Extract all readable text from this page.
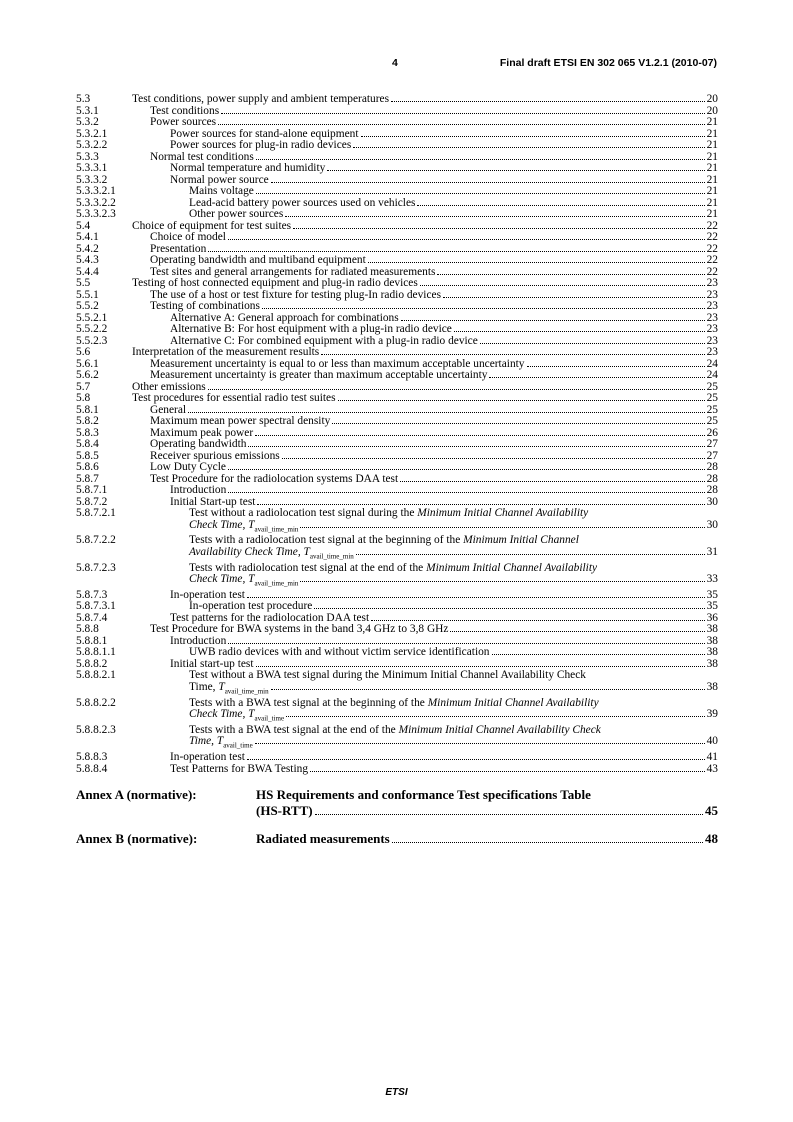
4	Final draft ETSI EN 302 065 V1.2.1 (2010-07)
5.3	Test conditions, power supply and ambient temperatures	20
5.3.1	Test conditions	20
5.3.2	Power sources	21
5.3.2.1	Power sources for stand-alone equipment	21
5.3.2.2	Power sources for plug-in radio devices	21
5.3.3	Normal test conditions	21
5.3.3.1	Normal temperature and humidity	21
5.3.3.2	Normal power source	21
5.3.3.2.1	Mains voltage	21
5.3.3.2.2	Lead-acid battery power sources used on vehicles	21
5.3.3.2.3	Other power sources	21
5.4	Choice of equipment for test suites	22
5.4.1	Choice of model	22
5.4.2	Presentation	22
5.4.3	Operating bandwidth and multiband equipment	22
5.4.4	Test sites and general arrangements for radiated measurements	22
5.5	Testing of host connected equipment and plug-in radio devices	23
5.5.1	The use of a host or test fixture for testing plug-In radio devices	23
5.5.2	Testing of combinations	23
5.5.2.1	Alternative A: General approach for combinations	23
5.5.2.2	Alternative B: For host equipment with a plug-in radio device	23
5.5.2.3	Alternative C: For combined equipment with a plug-in radio device	23
5.6	Interpretation of the measurement results	23
5.6.1	Measurement uncertainty is equal to or less than maximum acceptable uncertainty	24
5.6.2	Measurement uncertainty is greater than maximum acceptable uncertainty	24
5.7	Other emissions	25
5.8	Test procedures for essential radio test suites	25
5.8.1	General	25
5.8.2	Maximum mean power spectral density	25
5.8.3	Maximum peak power	26
5.8.4	Operating bandwidth	27
5.8.5	Receiver spurious emissions	27
5.8.6	Low Duty Cycle	28
5.8.7	Test Procedure for the radiolocation systems DAA test	28
5.8.7.1	Introduction	28
5.8.7.2	Initial Start-up test	30
5.8.7.2.1	Test without a radiolocation test signal during the Minimum Initial Channel Availability
Check Time, $T_{avail\_time\_min}$	30
5.8.7.2.2	Tests with a radiolocation test signal at the beginning of the Minimum Initial Channel
Availability Check Time, $T_{avail\_time\_min}$	31
5.8.7.2.3	Tests with radiolocation test signal at the end of the Minimum Initial Channel Availability
Check Time, $T_{avail\_time\_min}$	33
5.8.7.3	In-operation test	35
5.8.7.3.1	In-operation test procedure	35
5.8.7.4	Test patterns for the radiolocation DAA test	36
5.8.8	Test Procedure for BWA systems in the band 3,4 GHz to 3,8 GHz	38
5.8.8.1	Introduction	38
5.8.8.1.1	UWB radio devices with and without victim service identification	38
5.8.8.2	Initial start-up test	38
5.8.8.2.1	Test without a BWA test signal during the Minimum Initial Channel Availability Check
Time, $T_{avail\_time\_min}$	38
5.8.8.2.2	Tests with a BWA test signal at the beginning of the Minimum Initial Channel Availability
Check Time, $T_{avail\_time}$	39
5.8.8.2.3	Tests with a BWA test signal at the end of the Minimum Initial Channel Availability Check
Time, $T_{avail\_time}$	40
5.8.8.3	In-operation test	41
5.8.8.4	Test Patterns for BWA Testing	43
Annex A (normative):	HS Requirements and conformance Test specifications Table
(HS-RTT)	45
Annex B (normative):	Radiated measurements	48
ETSI
